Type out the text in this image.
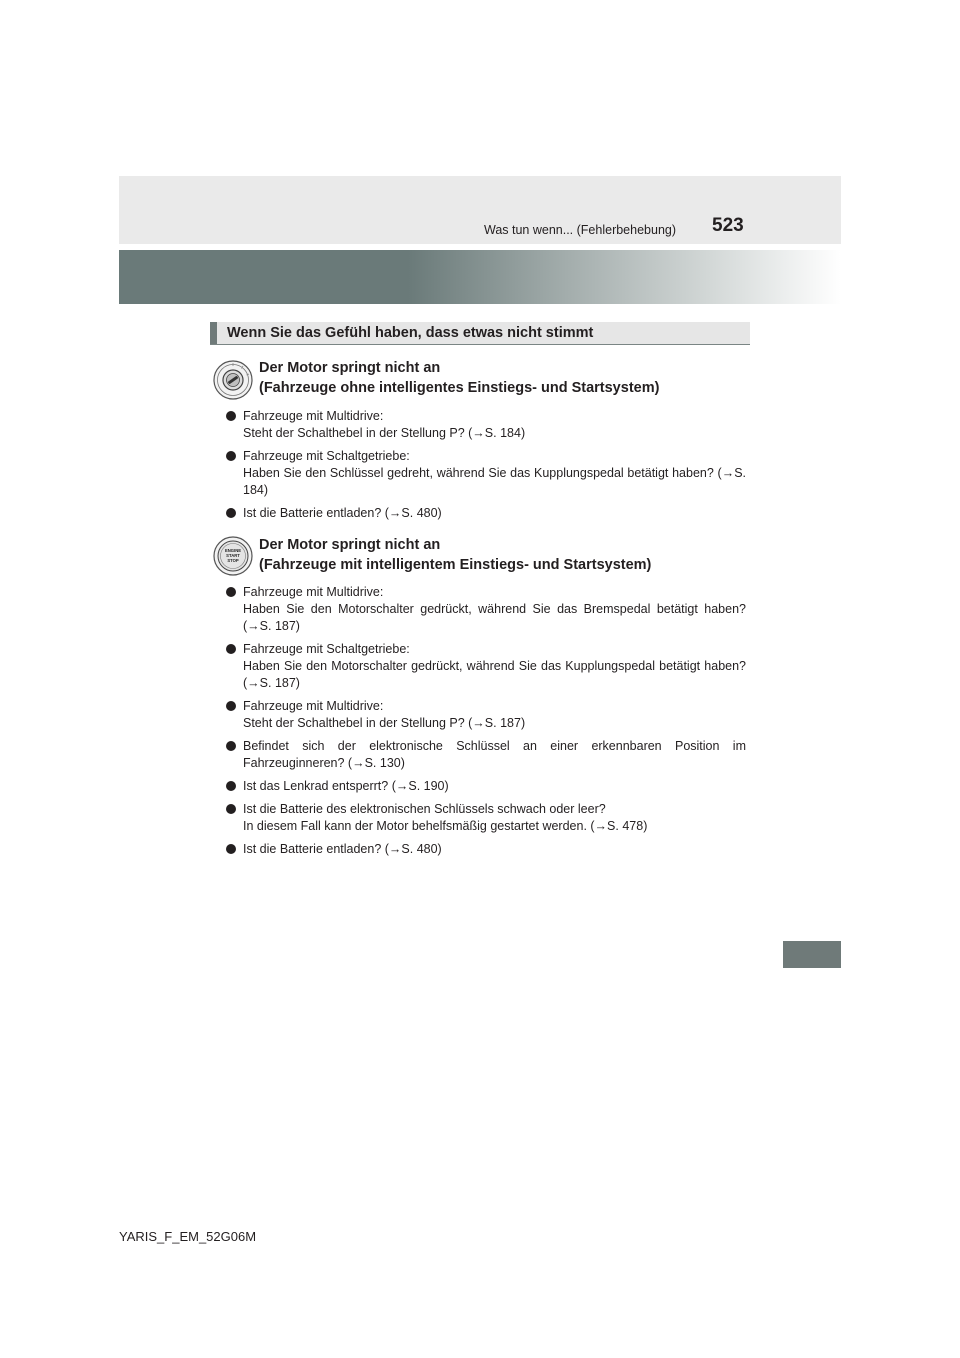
Was tun wenn... (Fehlerbehebung) 523
Wenn Sie das Gefühl haben, dass etwas nicht stimmt
Der Motor springt nicht an
(Fahrzeuge ohne intelligentes Einstiegs- und Startsystem)
Fahrzeuge mit Multidrive:
Steht der Schalthebel in der Stellung P? (→S. 184)
Fahrzeuge mit Schaltgetriebe:
Haben Sie den Schlüssel gedreht, während Sie das Kupplungspedal betätigt haben? (→S. 184)
Ist die Batterie entladen? (→S. 480)
ENGINE
START
STOP
Der Motor springt nicht an
(Fahrzeuge mit intelligentem Einstiegs- und Startsystem)
Fahrzeuge mit Multidrive:
Haben Sie den Motorschalter gedrückt, während Sie das Bremspedal betätigt haben? (→S. 187)
Fahrzeuge mit Schaltgetriebe:
Haben Sie den Motorschalter gedrückt, während Sie das Kupplungspedal betätigt haben? (→S. 187)
Fahrzeuge mit Multidrive:
Steht der Schalthebel in der Stellung P? (→S. 187)
Befindet sich der elektronische Schlüssel an einer erkennbaren Position im Fahrzeuginneren? (→S. 130)
Ist das Lenkrad entsperrt? (→S. 190)
Ist die Batterie des elektronischen Schlüssels schwach oder leer?
In diesem Fall kann der Motor behelfsmäßig gestartet werden. (→S. 478)
Ist die Batterie entladen? (→S. 480)
YARIS_F_EM_52G06M
